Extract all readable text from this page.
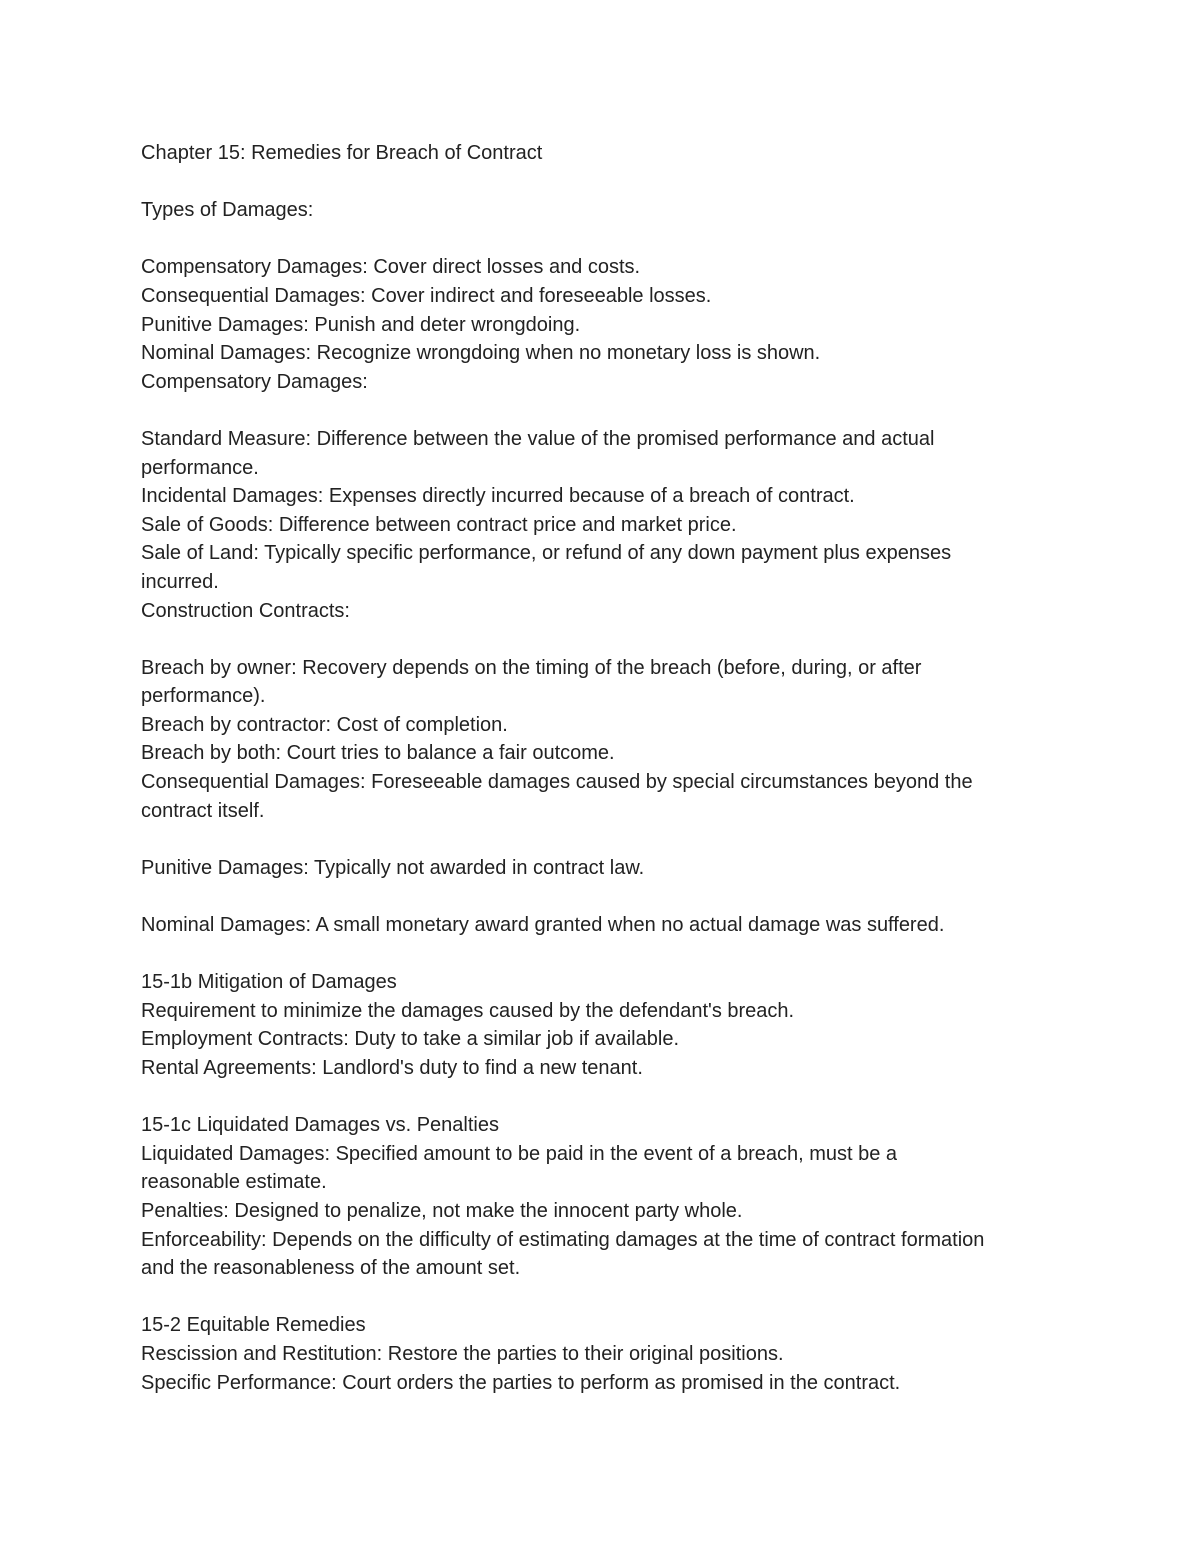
Chapter 15: Remedies for Breach of Contract
Types of Damages:
Compensatory Damages: Cover direct losses and costs.
Consequential Damages: Cover indirect and foreseeable losses.
Punitive Damages: Punish and deter wrongdoing.
Nominal Damages: Recognize wrongdoing when no monetary loss is shown.
Compensatory Damages:
Standard Measure: Difference between the value of the promised performance and actual
performance.
Incidental Damages: Expenses directly incurred because of a breach of contract.
Sale of Goods: Difference between contract price and market price.
Sale of Land: Typically specific performance, or refund of any down payment plus expenses
incurred.
Construction Contracts:
Breach by owner: Recovery depends on the timing of the breach (before, during, or after
performance).
Breach by contractor: Cost of completion.
Breach by both: Court tries to balance a fair outcome.
Consequential Damages: Foreseeable damages caused by special circumstances beyond the
contract itself.
Punitive Damages: Typically not awarded in contract law.
Nominal Damages: A small monetary award granted when no actual damage was suffered.
15-1b Mitigation of Damages
Requirement to minimize the damages caused by the defendant's breach.
Employment Contracts: Duty to take a similar job if available.
Rental Agreements: Landlord's duty to find a new tenant.
15-1c Liquidated Damages vs. Penalties
Liquidated Damages: Specified amount to be paid in the event of a breach, must be a
reasonable estimate.
Penalties: Designed to penalize, not make the innocent party whole.
Enforceability: Depends on the difficulty of estimating damages at the time of contract formation
and the reasonableness of the amount set.
15-2 Equitable Remedies
Rescission and Restitution: Restore the parties to their original positions.
Specific Performance: Court orders the parties to perform as promised in the contract.
